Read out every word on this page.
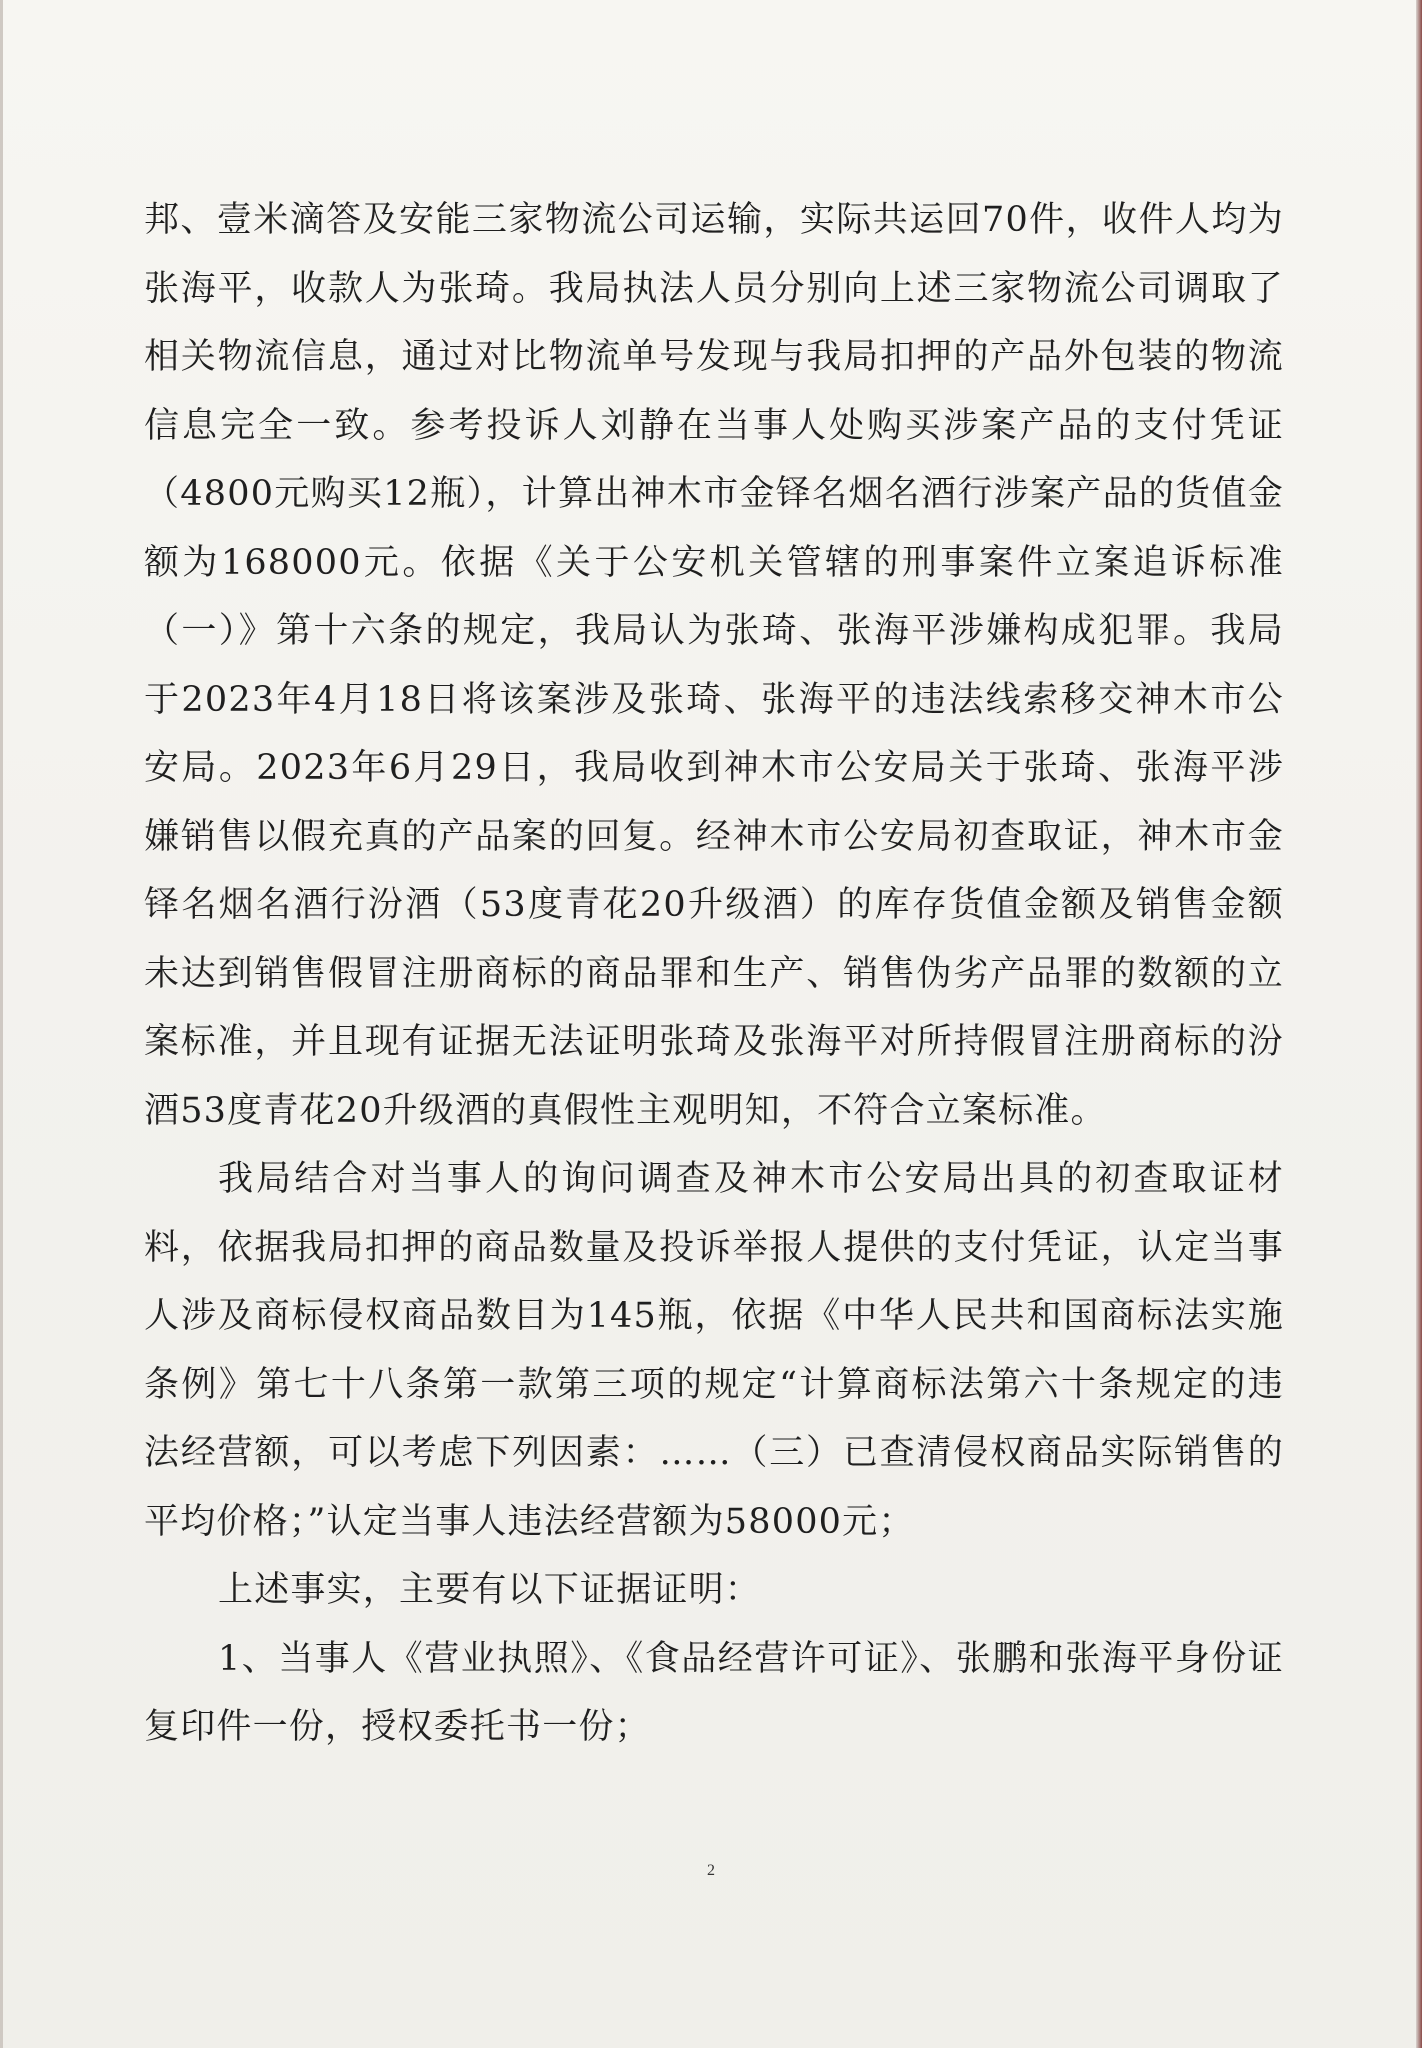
邦、壹米滴答及安能三家物流公司运输，实际共运回70件，收件人均为张海平，收款人为张琦。我局执法人员分别向上述三家物流公司调取了相关物流信息，通过对比物流单号发现与我局扣押的产品外包装的物流信息完全一致。参考投诉人刘静在当事人处购买涉案产品的支付凭证（4800元购买12瓶），计算出神木市金铎名烟名酒行涉案产品的货值金额为168000元。依据《关于公安机关管辖的刑事案件立案追诉标准（一）》第十六条的规定，我局认为张琦、张海平涉嫌构成犯罪。我局于2023年4月18日将该案涉及张琦、张海平的违法线索移交神木市公安局。2023年6月29日，我局收到神木市公安局关于张琦、张海平涉嫌销售以假充真的产品案的回复。经神木市公安局初查取证，神木市金铎名烟名酒行汾酒（53度青花20升级酒）的库存货值金额及销售金额未达到销售假冒注册商标的商品罪和生产、销售伪劣产品罪的数额的立案标准，并且现有证据无法证明张琦及张海平对所持假冒注册商标的汾酒53度青花20升级酒的真假性主观明知，不符合立案标准。

我局结合对当事人的询问调查及神木市公安局出具的初查取证材料，依据我局扣押的商品数量及投诉举报人提供的支付凭证，认定当事人涉及商标侵权商品数目为145瓶，依据《中华人民共和国商标法实施条例》第七十八条第一款第三项的规定“计算商标法第六十条规定的违法经营额，可以考虑下列因素：……（三）已查清侵权商品实际销售的平均价格；”认定当事人违法经营额为58000元；

上述事实，主要有以下证据证明：

1、当事人《营业执照》、《食品经营许可证》、张鹏和张海平身份证复印件一份，授权委托书一份；

2
